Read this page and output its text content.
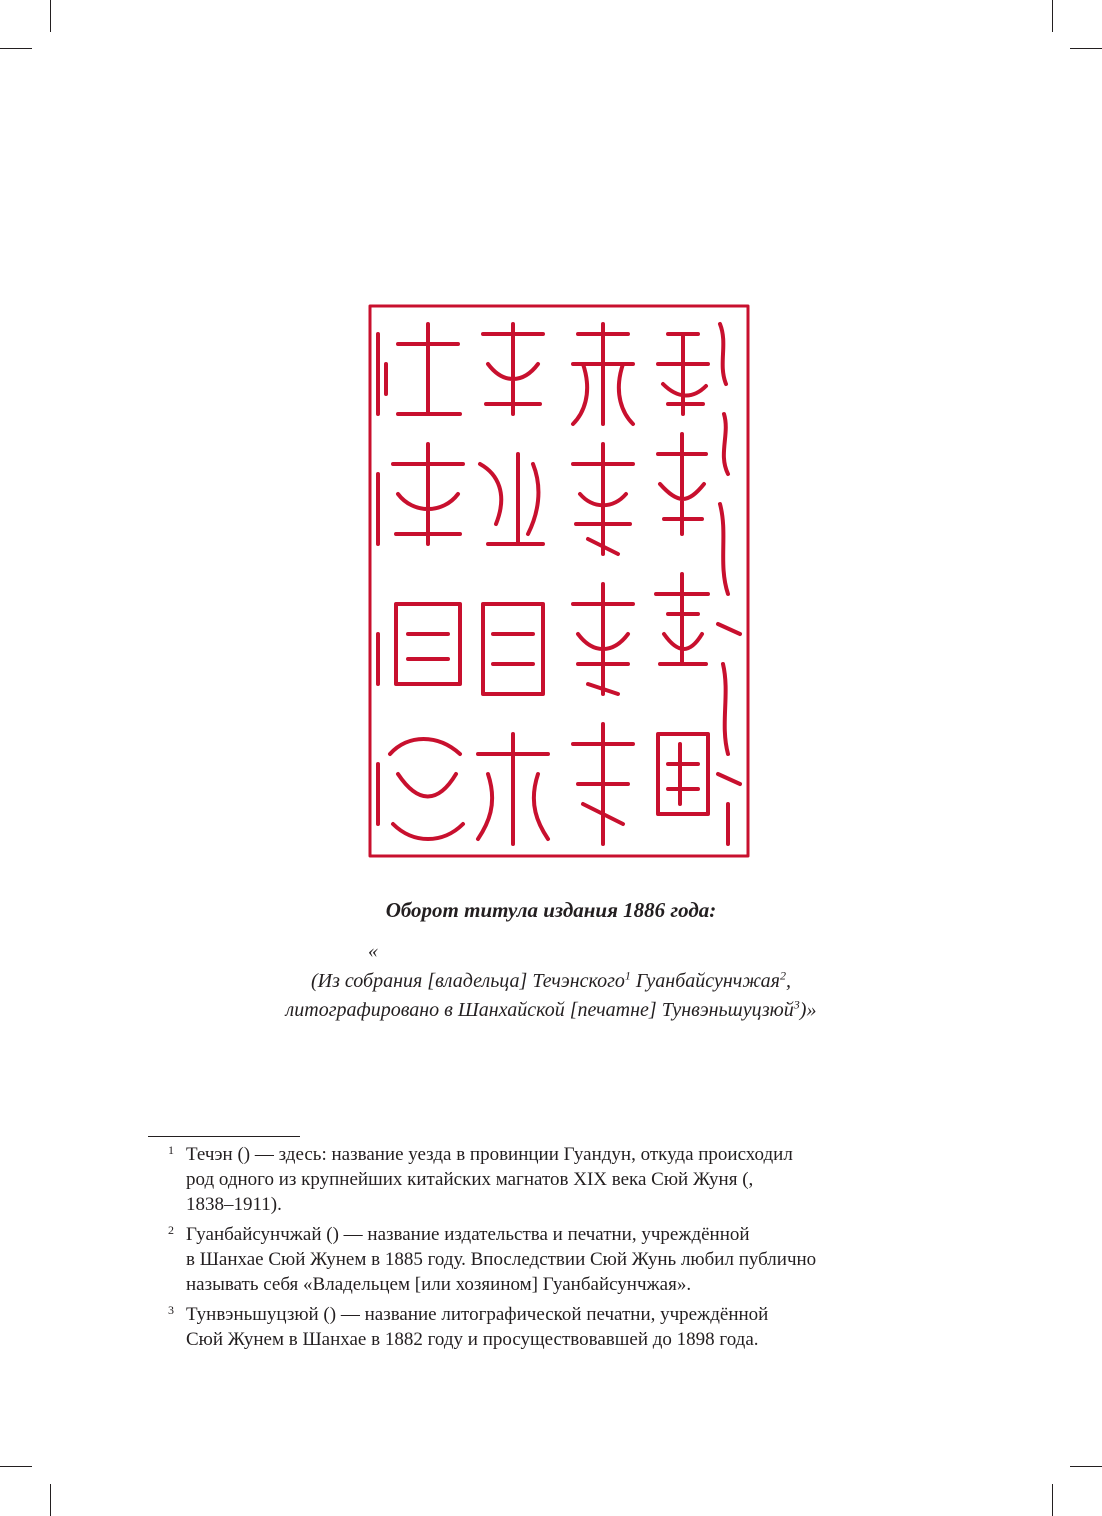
Оборот титула издания 1886 года:
«
(Из собрания [владельца] Течэнского$^1$ Гуанбайсунчжая$^2$,
литографировано в Шанхайской [печатне] Тунвэньшуцзюй$^3$)»
1 Течэн () — здесь: название уезда в провинции Гуандун, откуда происходил
род одного из крупнейших китайских магнатов XIX века Сюй Жуня (,
1838–1911).
2 Гуанбайсунчжай () — название издательства и печатни, учреждённой
в Шанхае Сюй Жунем в 1885 году. Впоследствии Сюй Жунь любил публично
называть себя «Владельцем [или хозяином] Гуанбайсунчжая».
3 Тунвэньшуцзюй () — название литографической печатни, учреждённой
Сюй Жунем в Шанхае в 1882 году и просуществовавшей до 1898 года.
